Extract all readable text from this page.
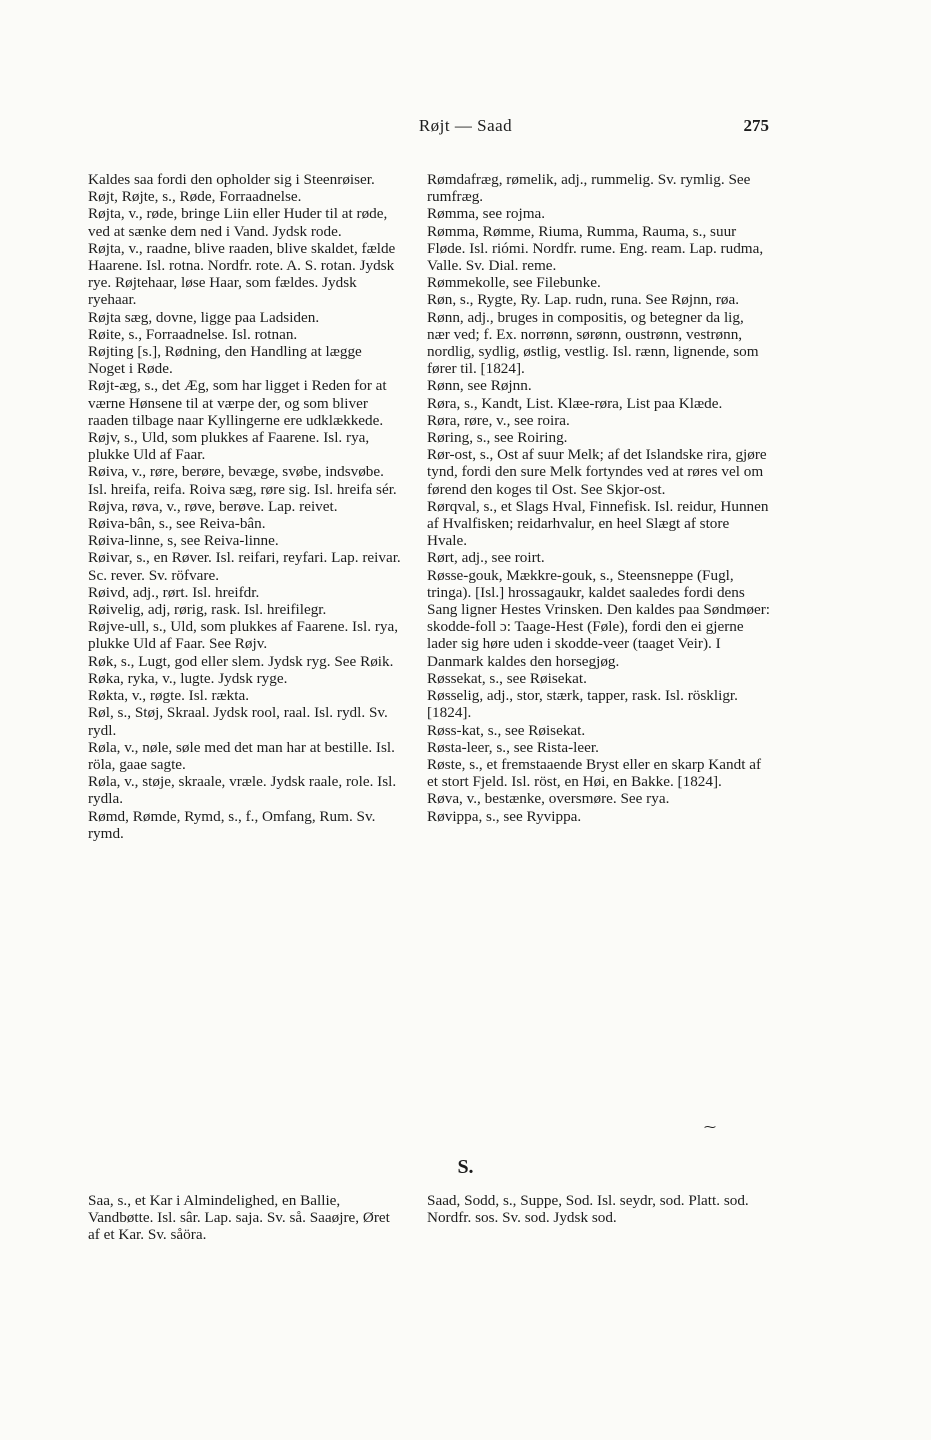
Røjt — Saad	275

Kaldes saa fordi den opholder sig i Steenrøiser.

Røjt, Røjte, s., Røde, Forraadnelse.

Røjta, v., røde, bringe Liin eller Huder til at røde, ved at sænke dem ned i Vand. Jydsk rode.

Røjta, v., raadne, blive raaden, blive skaldet, fælde Haarene. Isl. rotna. Nordfr. rote. A. S. rotan. Jydsk rye. Røjtehaar, løse Haar, som fældes. Jydsk ryehaar.

Røjta sæg, dovne, ligge paa Ladsiden.

Røite, s., Forraadnelse. Isl. rotnan.

Røjting [s.], Rødning, den Handling at lægge Noget i Røde.

Røjt-æg, s., det Æg, som har ligget i Reden for at værne Hønsene til at værpe der, og som bliver raaden tilbage naar Kyllingerne ere udklækkede.

Røjv, s., Uld, som plukkes af Faarene. Isl. rya, plukke Uld af Faar.

Røiva, v., røre, berøre, bevæge, svøbe, indsvøbe. Isl. hreifa, reifa. Roiva sæg, røre sig. Isl. hreifa sér.

Røjva, røva, v., røve, berøve. Lap. reivet.

Røiva-bân, s., see Reiva-bân.

Røiva-linne, s, see Reiva-linne.

Røivar, s., en Røver. Isl. reifari, reyfari. Lap. reivar. Sc. rever. Sv. röfvare.

Røivd, adj., rørt. Isl. hreifdr.

Røivelig, adj, rørig, rask. Isl. hreifilegr.

Røjve-ull, s., Uld, som plukkes af Faarene. Isl. rya, plukke Uld af Faar. See Røjv.

Røk, s., Lugt, god eller slem. Jydsk ryg. See Røik.

Røka, ryka, v., lugte. Jydsk ryge.

Røkta, v., røgte. Isl. rækta.

Røl, s., Støj, Skraal. Jydsk rool, raal. Isl. rydl. Sv. rydl.

Røla, v., nøle, søle med det man har at bestille. Isl. röla, gaae sagte.

Røla, v., støje, skraale, vræle. Jydsk raale, role. Isl. rydla.

Rømd, Rømde, Rymd, s., f., Omfang, Rum. Sv. rymd.

Rømdafræg, rømelik, adj., rummelig. Sv. rymlig. See rumfræg.

Rømma, see rojma.

Rømma, Rømme, Riuma, Rumma, Rauma, s., suur Fløde. Isl. riómi. Nordfr. rume. Eng. ream. Lap. rudma, Valle. Sv. Dial. reme.

Rømmekolle, see Filebunke.

Røn, s., Rygte, Ry. Lap. rudn, runa. See Røjnn, røa.

Rønn, adj., bruges in compositis, og betegner da lig, nær ved; f. Ex. norrønn, sørønn, oustrønn, vestrønn, nordlig, sydlig, østlig, vestlig. Isl. rænn, lignende, som fører til. [1824].

Rønn, see Røjnn.

Røra, s., Kandt, List. Klæe-røra, List paa Klæde.

Røra, røre, v., see roira.

Røring, s., see Roiring.

Rør-ost, s., Ost af suur Melk; af det Islandske rira, gjøre tynd, fordi den sure Melk fortyndes ved at røres vel om førend den koges til Ost. See Skjor-ost.

Rørqval, s., et Slags Hval, Finnefisk. Isl. reidur, Hunnen af Hvalfisken; reidarhvalur, en heel Slægt af store Hvale.

Rørt, adj., see roirt.

Røsse-gouk, Mækkre-gouk, s., Steensneppe (Fugl, tringa). [Isl.] hrossagaukr, kaldet saaledes fordi dens Sang ligner Hestes Vrinsken. Den kaldes paa Søndmøer: skodde-foll ɔ: Taage-Hest (Føle), fordi den ei gjerne lader sig høre uden i skodde-veer (taaget Veir). I Danmark kaldes den horsegjøg.

Røssekat, s., see Røisekat.

Røsselig, adj., stor, stærk, tapper, rask. Isl. röskligr. [1824].

Røss-kat, s., see Røisekat.

Røsta-leer, s., see Rista-leer.

Røste, s., et fremstaaende Bryst eller en skarp Kandt af et stort Fjeld. Isl. röst, en Høi, en Bakke. [1824].

Røva, v., bestænke, oversmøre. See rya.

Røvippa, s., see Ryvippa.

⁓
S.

Saa, s., et Kar i Almindelighed, en Ballie, Vandbøtte. Isl. sâr. Lap. saja. Sv. så. Saaøjre, Øret af et Kar. Sv. såöra.

Saad, Sodd, s., Suppe, Sod. Isl. seydr, sod. Platt. sod. Nordfr. sos. Sv. sod. Jydsk sod.
